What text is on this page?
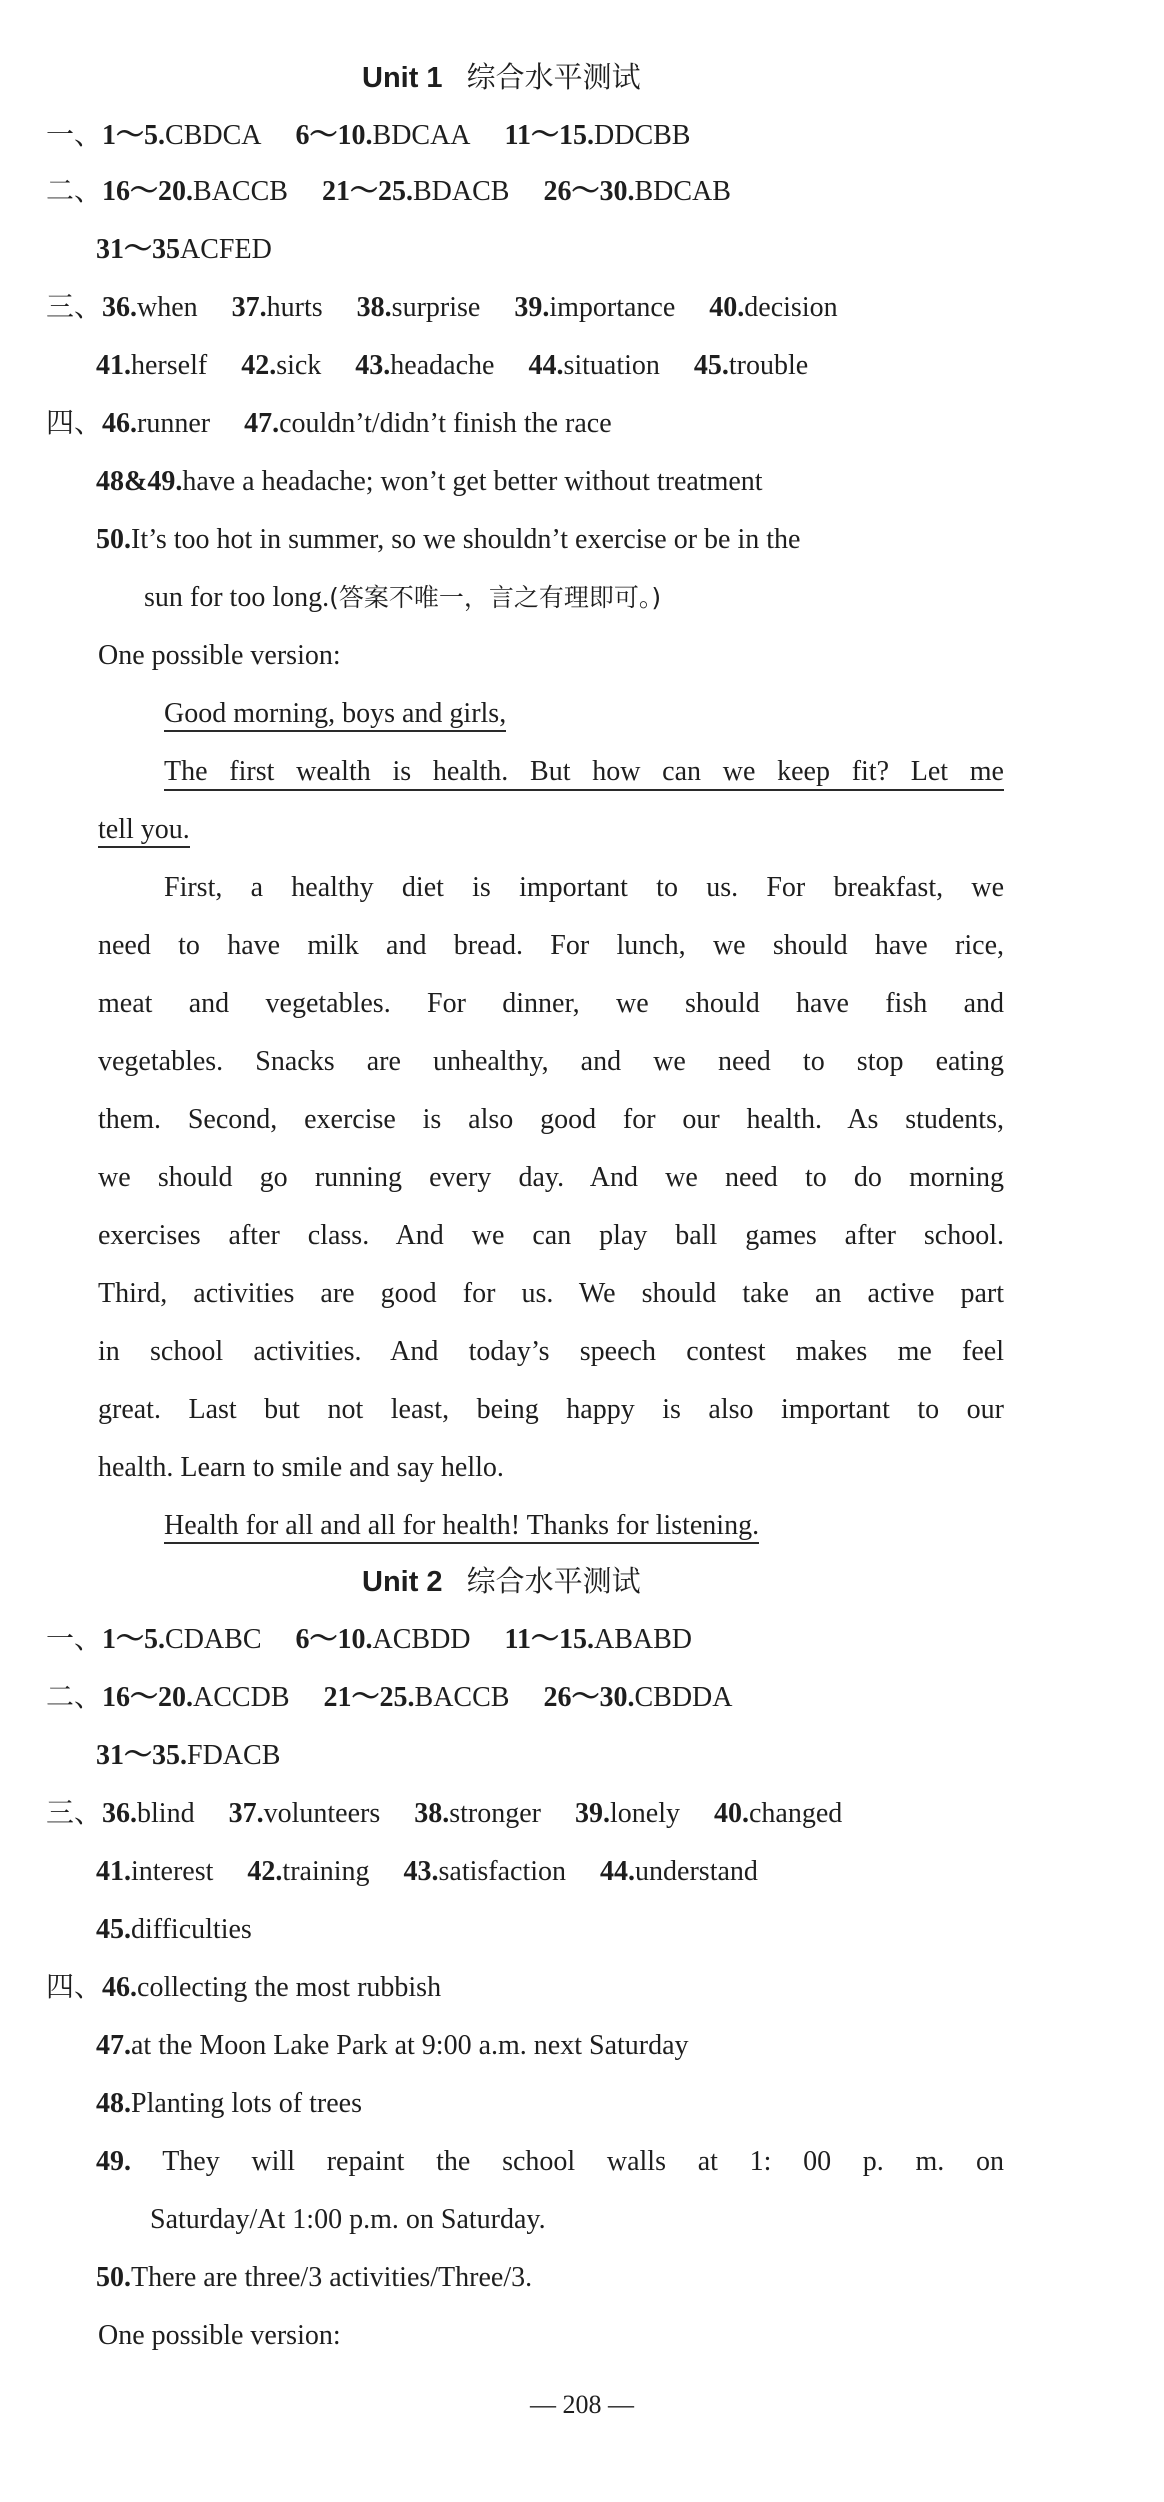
Unit 1 综合水平测试
一、1～5.CBDCA 6～10.BDCAA 11～15.DDCBB
二、16～20.BACCB 21～25.BDACB 26～30.BDCAB
31～35ACFED
三、36.when 37.hurts 38.surprise 39.importance 40.decision
41.herself 42.sick 43.headache 44.situation 45.trouble
四、46.runner 47.couldn’t/didn’t finish the race
48&49.have a headache; won’t get better without treatment
50.It’s too hot in summer, so we shouldn’t exercise or be in the
sun for too long.(答案不唯一，言之有理即可。)
One possible version:
Good morning, boys and girls,
The first wealth is health. But how can we keep fit? Let me
tell you.
First, a healthy diet is important to us. For breakfast, we
need to have milk and bread. For lunch, we should have rice,
meat and vegetables. For dinner, we should have fish and
vegetables. Snacks are unhealthy, and we need to stop eating
them. Second, exercise is also good for our health. As students,
we should go running every day. And we need to do morning
exercises after class. And we can play ball games after school.
Third, activities are good for us. We should take an active part
in school activities. And today’s speech contest makes me feel
great. Last but not least, being happy is also important to our
health. Learn to smile and say hello.
Health for all and all for health! Thanks for listening.
Unit 2 综合水平测试
一、1～5.CDABC 6～10.ACBDD 11～15.ABABD
二、16～20.ACCDB 21～25.BACCB 26～30.CBDDA
31～35.FDACB
三、36.blind 37.volunteers 38.stronger 39.lonely 40.changed
41.interest 42.training 43.satisfaction 44.understand
45.difficulties
四、46.collecting the most rubbish
47.at the Moon Lake Park at 9:00 a.m. next Saturday
48.Planting lots of trees
49. They will repaint the school walls at 1: 00 p. m. on
Saturday/At 1:00 p.m. on Saturday.
50.There are three/3 activities/Three/3.
One possible version:
— 208 —
